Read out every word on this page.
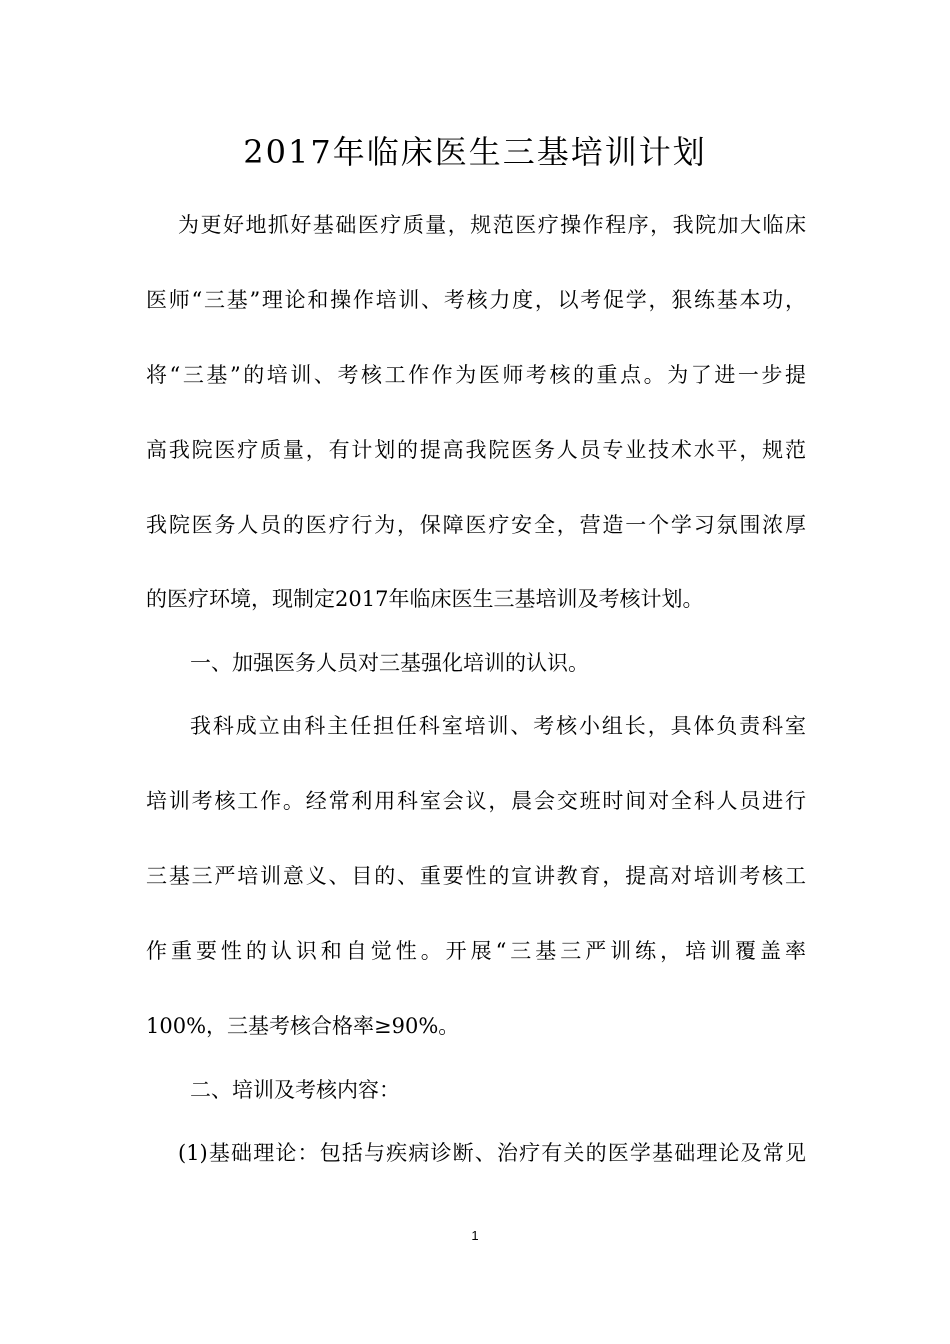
2017年临床医生三基培训计划

为更好地抓好基础医疗质量，规范医疗操作程序，我院加大临床

医师“三基”理论和操作培训、考核力度，以考促学，狠练基本功，

将“三基”的培训、考核工作作为医师考核的重点。为了进一步提

高我院医疗质量，有计划的提高我院医务人员专业技术水平，规范

我院医务人员的医疗行为，保障医疗安全，营造一个学习氛围浓厚

的医疗环境，现制定2017年临床医生三基培训及考核计划。

一、加强医务人员对三基强化培训的认识。

我科成立由科主任担任科室培训、考核小组长，具体负责科室

培训考核工作。经常利用科室会议，晨会交班时间对全科人员进行

三基三严培训意义、目的、重要性的宣讲教育，提高对培训考核工

作重要性的认识和自觉性。开展“三基三严训练，培训覆盖率

100%，三基考核合格率≥90%。

二、培训及考核内容：

(1)基础理论：包括与疾病诊断、治疗有关的医学基础理论及常见

1
